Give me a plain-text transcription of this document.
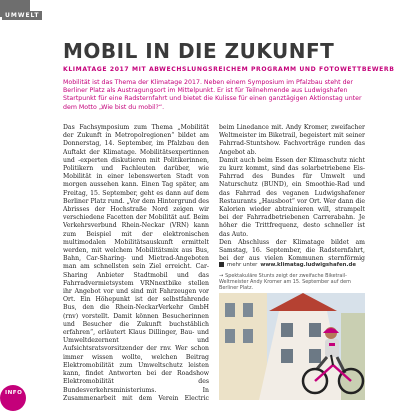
UMWELT
MOBIL IN DIE ZUKUNFT
KLIMATAGE 2017 MIT ABWECHSLUNGSREICHEM PROGRAMM UND FOTOWETTBEWERB
Mobilität ist das Thema der Klimatage 2017. Neben einem Symposium im Pfalzbau steht der Berliner Platz als Austragungsort im Mittelpunkt. Er ist für Teilnehmende aus Ludwigshafen Startpunkt für eine Radsternfahrt und bietet die Kulisse für einen ganztägigen Aktionstag unter dem Motto „Wie bist du mobil?“.

Das Fachsymposium zum Thema „Mobilität der Zukunft in Metropolregionen“ bildet am Donnerstag, 14. September, im Pfalzbau den Auftakt der Klimatage. Mobilitätsexpertinnen und -experten diskutieren mit Politikerinnen, Politikern und Fachleuten darüber, wie Mobilität in einer lebenswerten Stadt von morgen aussehen kann. Einen Tag später, am Freitag, 15. September, geht es dann auf dem Berliner Platz rund. „Vor dem Hintergrund des Abrisses der Hochstraße Nord zeigen wir verschiedene Facetten der Mobilität auf. Beim Verkehrsverbund Rhein-Neckar (VRN) kann zum Beispiel mit der elektronischen multimodalen Mobilitätsauskunft ermittelt werden, mit welchem Mobilitätsmix aus Bus, Bahn, Car-Sharing- und Mietrad-Angeboten man am schnellsten sein Ziel erreicht. Car-Sharing Anbieter Stadtmobil und das Fahrradvermietsystem VRNnextbike stellen ihr Angebot vor und sind mit Fahrzeugen vor Ort. Ein Höhepunkt ist der selbstfahrende Bus, den die Rhein-NeckarVerkehr GmbH (rnv) vorstellt. Damit können Besucherinnen und Besucher die Zukunft buchstäblich erfahren“, erläutert Klaus Dillinger, Bau- und Umweltdezernent und Aufsichtsratsvorsitzender der rnv. Wer schon immer wissen wollte, welchen Beitrag Elektromobilität zum Umweltschutz leisten kann, findet Antworten bei der Roadshow Elektromobilität des Bundesverkehrsministeriums. In Zusammenarbeit mit dem Verein Electric

beim Linedance mit. Andy Kromer, zweifacher Weltmeister im Biketrail, begeistert mit seiner Fahrrad-Stuntshow. Fachvorträge runden das Angebot ab.

Damit auch beim Essen der Klimaschutz nicht zu kurz kommt, sind das solarbetriebene Eis-Fahrrad des Bundes für Umwelt und Naturschutz (BUND), ein Smoothie-Rad und das Fahrrad des veganen Ludwigshafener Restaurants „Hausboot“ vor Ort. Wer dann die Kalorien wieder abtrainieren will, strampelt bei der Fahrradbetriebenen Carrerabahn. Je höher die Trittfrequenz, desto schneller ist das Auto.

Den Abschluss der Klimatage bildet am Samstag, 16. September, die Radsternfahrt, bei der aus vielen Kommunen sternförmig

mehr unter www.klimatag.ludwigshafen.de
→ Spektakuläre Stunts zeigt der zweifache Biketrail-Weltmeister Andy Kromer am 15. September auf dem Berliner Platz.
INFO
